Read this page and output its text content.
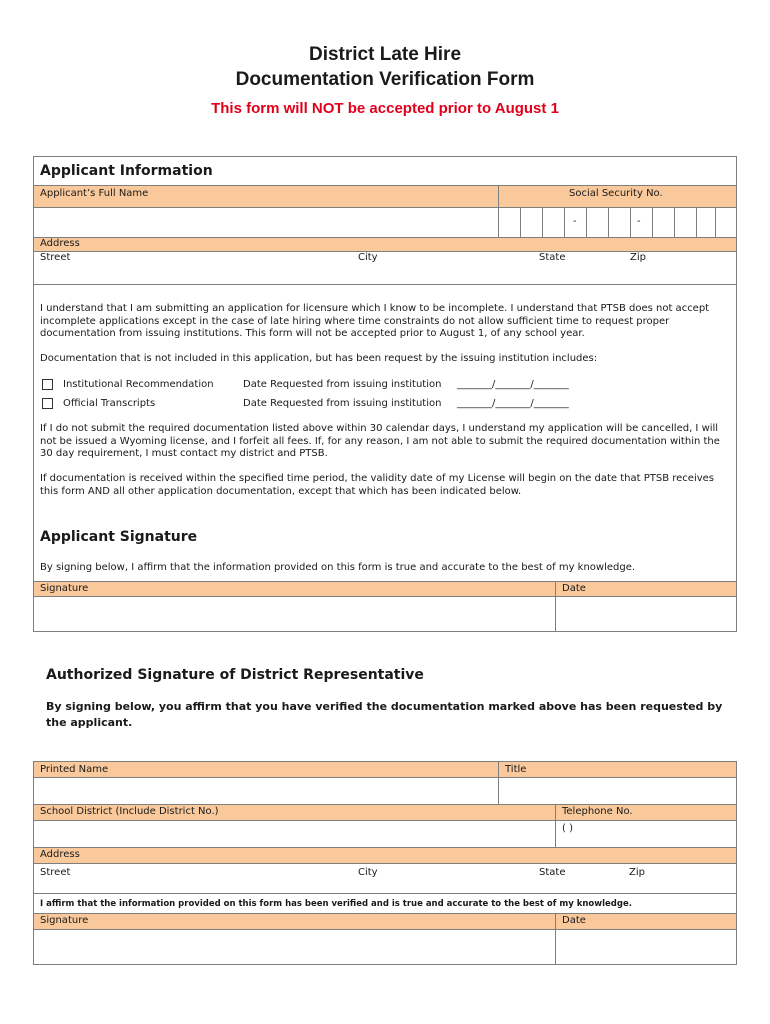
District Late Hire
Documentation Verification Form
This form will NOT be accepted prior to August 1
Applicant Information
Applicant’s Full Name	Social Security No.
-	-
Address
Street	City	State	Zip
I understand that I am submitting an application for licensure which I know to be incomplete. I understand that PTSB does not accept incomplete applications except in the case of late hiring where time constraints do not allow sufficient time to request proper documentation from issuing institutions. This form will not be accepted prior to August 1, of any school year.
Documentation that is not included in this application, but has been request by the issuing institution includes:
Institutional Recommendation	Date Requested from issuing institution _______/_______/_______
Official Transcripts	Date Requested from issuing institution _______/_______/_______
If I do not submit the required documentation listed above within 30 calendar days, I understand my application will be cancelled, I will not be issued a Wyoming license, and I forfeit all fees. If, for any reason, I am not able to submit the required documentation within the 30 day requirement, I must contact my district and PTSB.
If documentation is received within the specified time period, the validity date of my License will begin on the date that PTSB receives this form AND all other application documentation, except that which has been indicated below.
Applicant Signature
By signing below, I affirm that the information provided on this form is true and accurate to the best of my knowledge.
Signature	Date
Authorized Signature of District Representative
By signing below, you affirm that you have verified the documentation marked above has been requested by the applicant.
Printed Name	Title
School District (Include District No.)	Telephone No.
( )
Address
Street	City	State	Zip
I affirm that the information provided on this form has been verified and is true and accurate to the best of my knowledge.
Signature	Date
